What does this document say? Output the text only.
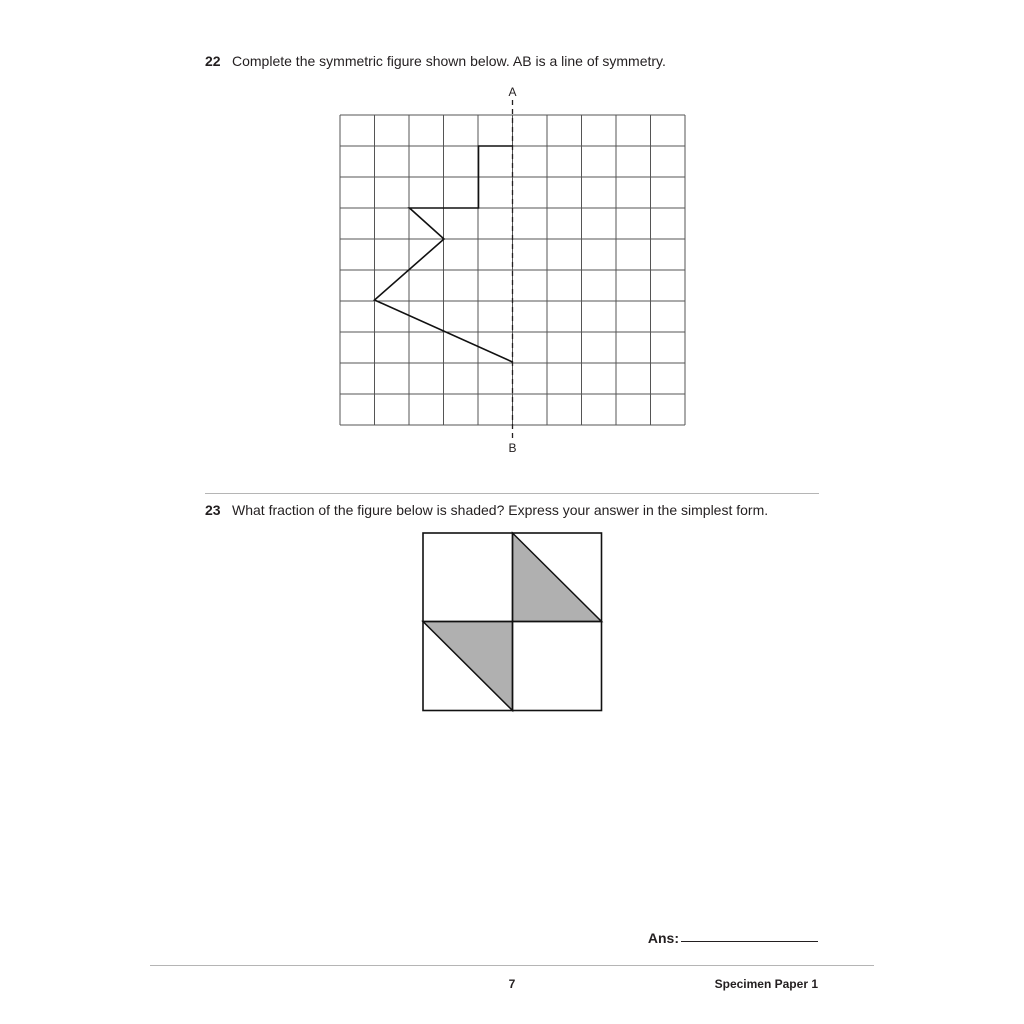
22 Complete the symmetric figure shown below. AB is a line of symmetry.
A
B
23 What fraction of the figure below is shaded? Express your answer in the simplest form.
Ans:
7	Specimen Paper 1
